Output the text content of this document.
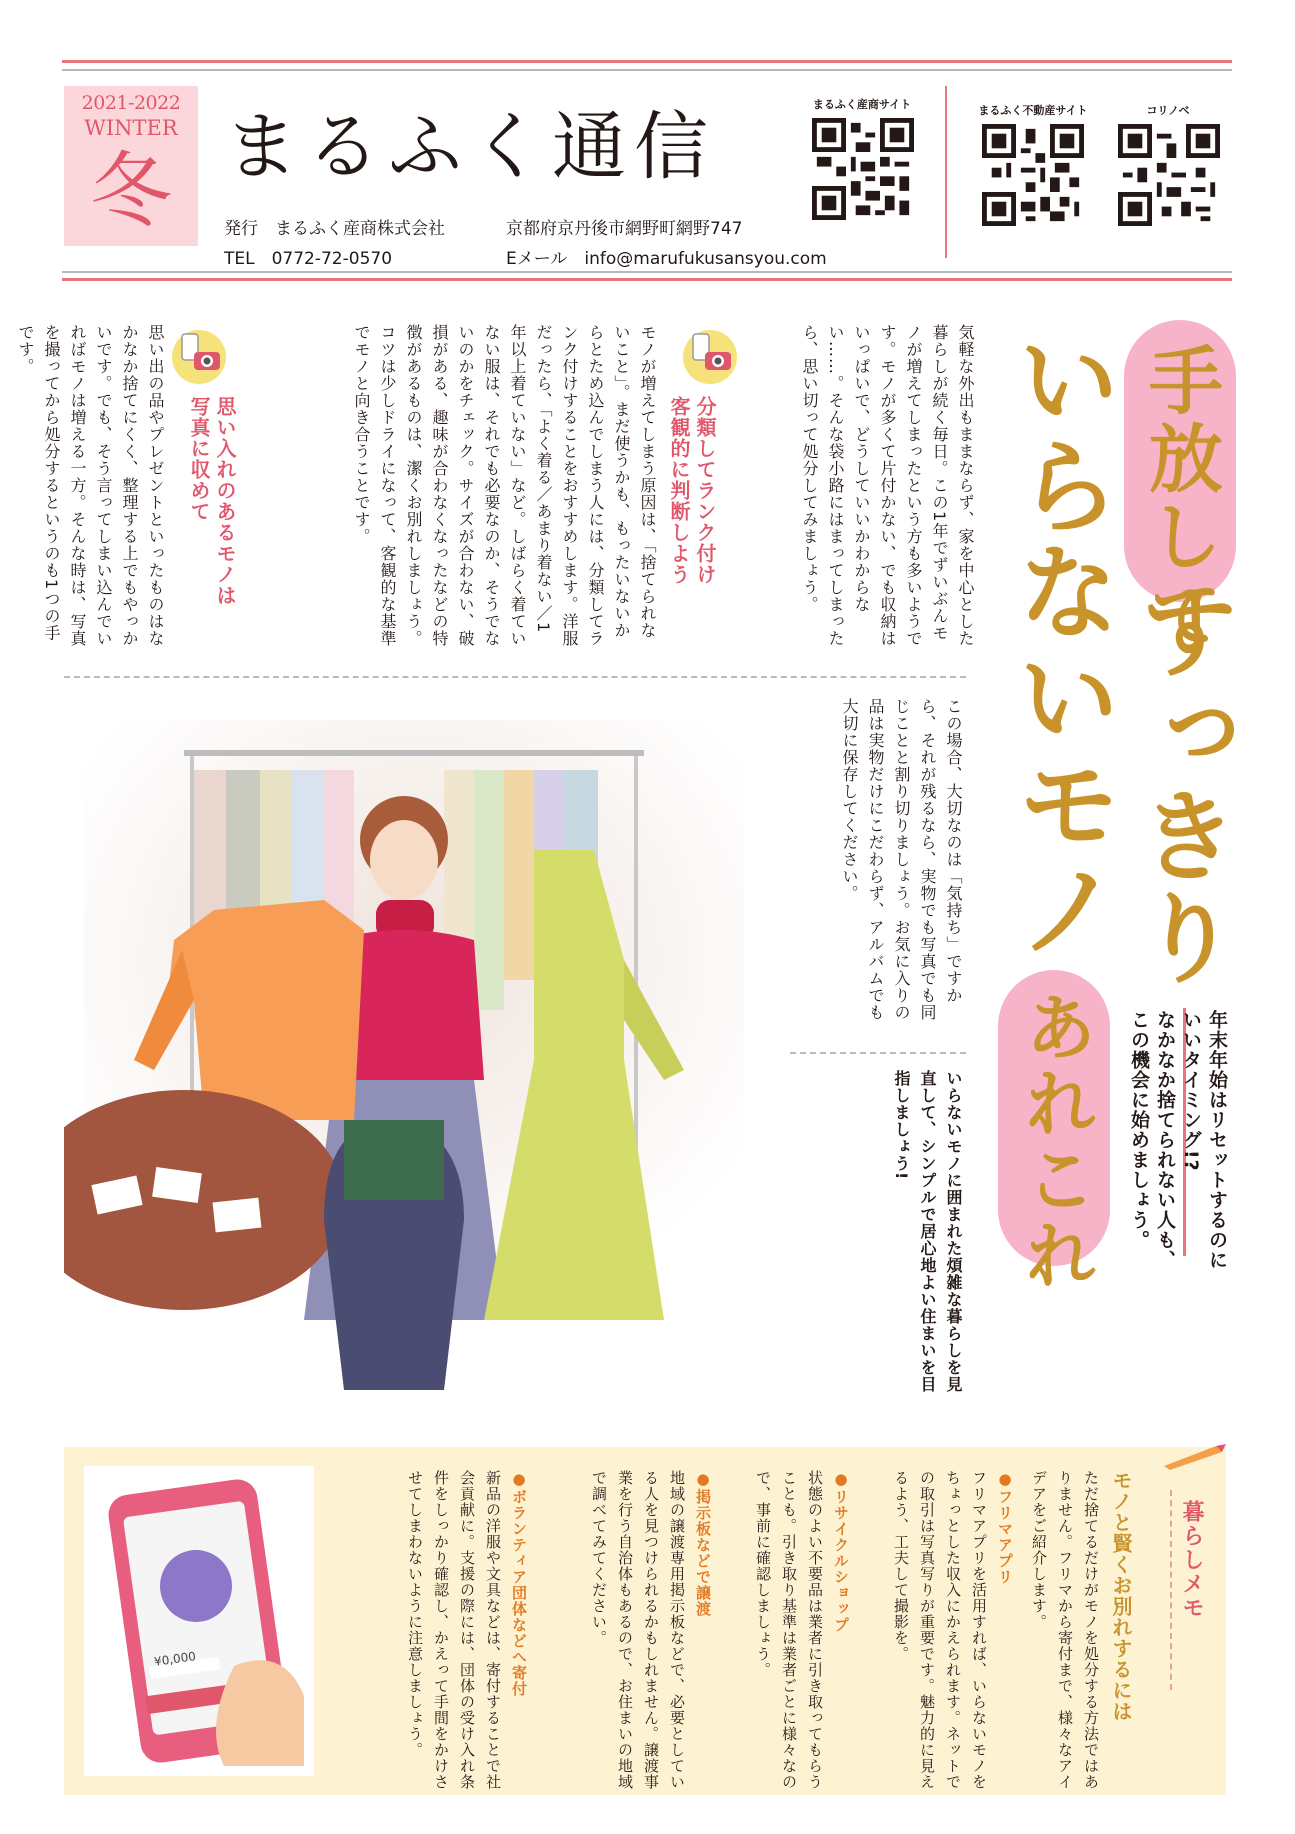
2021-2022
WINTER
冬 まるふく通信
発行　まるふく産商株式会社	京都府京丹後市網野町網野747
TEL　0772-72-0570	Eメール　info@marufukusansyou.com
まるふく産商サイト	まるふく不動産サイト	コリノベ
手放して
すっきり
いらないモノ
あれこれ	年末年始はリセットするのに
いいタイミング!?
なかなか捨てられない人も、
この機会に始めましょう。
気軽な外出もままならず、家を中心とした暮らしが続く毎日。この1年でずいぶんモノが増えてしまったという方も多いようです。モノが多くて片付かない、でも収納はいっぱいで、どうしていいかわからない……。そんな袋小路にはまってしまったら、思い切って処分してみましょう。
分類してランク付け
客観的に判断しよう
モノが増えてしまう原因は、「捨てられないこと」。まだ使うかも、もったいないからとため込んでしまう人には、分類してランク付けすることをおすすめします。洋服だったら、「よく着る／あまり着ない／1年以上着ていない」など。しばらく着ていない服は、それでも必要なのか、そうでないのかをチェック。サイズが合わない、破損がある、趣味が合わなくなったなどの特徴があるものは、潔くお別れしましょう。コツは少しドライになって、客観的な基準でモノと向き合うことです。
思い入れのあるモノは
写真に収めて
思い出の品やプレゼントといったものはなかなか捨てにくく、整理する上でもやっかいです。でも、そう言ってしまい込んでいればモノは増える一方。そんな時は、写真を撮ってから処分するというのも1つの手です。
この場合、大切なのは「気持ち」ですから、それが残るなら、実物でも写真でも同じことと割り切りましょう。お気に入りの品は実物だけにこだわらず、アルバムでも大切に保存してください。
いらないモノに囲まれた煩雑な暮らしを見直して、シンプルで居心地よい住まいを目指しましょう!
暮らしメモ
モノと賢くお別れするには
ただ捨てるだけがモノを処分する方法ではありません。フリマから寄付まで、様々なアイデアをご紹介します。
●フリマアプリ
フリマアプリを活用すれば、いらないモノをちょっとした収入にかえられます。ネットでの取引は写真写りが重要です。魅力的に見えるよう、工夫して撮影を。
●リサイクルショップ
状態のよい不要品は業者に引き取ってもらうことも。引き取り基準は業者ごとに様々なので、事前に確認しましょう。
●掲示板などで譲渡
地域の譲渡専用掲示板などで、必要としている人を見つけられるかもしれません。譲渡事業を行う自治体もあるので、お住まいの地域で調べてみてください。
●ボランティア団体などへ寄付
新品の洋服や文具などは、寄付することで社会貢献に。支援の際には、団体の受け入れ条件をしっかり確認し、かえって手間をかけさせてしまわないように注意しましょう。
¥0,000
